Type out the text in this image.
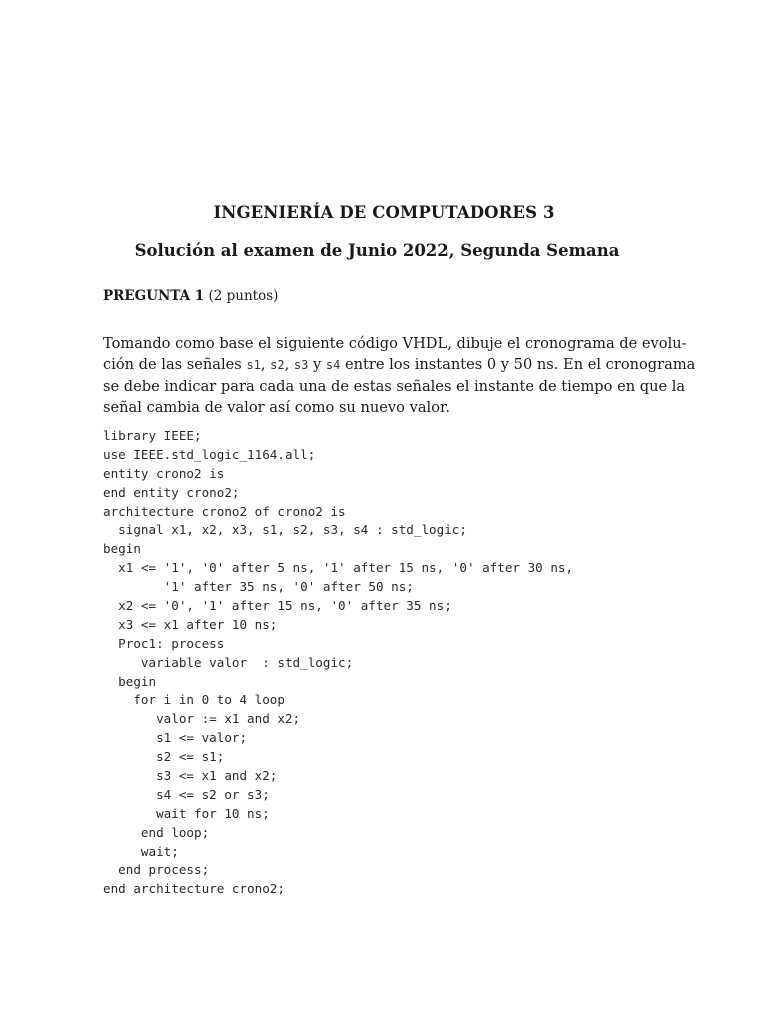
INGENIERÍA DE COMPUTADORES 3
Solución al examen de Junio 2022, Segunda Semana
PREGUNTA 1 (2 puntos)
Tomando como base el siguiente código VHDL, dibuje el cronograma de evolu-
ción de las señales s1, s2, s3 y s4 entre los instantes 0 y 50 ns. En el cronograma
se debe indicar para cada una de estas señales el instante de tiempo en que la
señal cambia de valor así como su nuevo valor.
library IEEE;
use IEEE.std_logic_1164.all;
entity crono2 is
end entity crono2;
architecture crono2 of crono2 is
signal x1, x2, x3, s1, s2, s3, s4 : std_logic;
begin
x1 <= '1', '0' after 5 ns, '1' after 15 ns, '0' after 30 ns,
'1' after 35 ns, '0' after 50 ns;
x2 <= '0', '1' after 15 ns, '0' after 35 ns;
x3 <= x1 after 10 ns;
Proc1: process
variable valor  : std_logic;
begin
for i in 0 to 4 loop
valor := x1 and x2;
s1 <= valor;
s2 <= s1;
s3 <= x1 and x2;
s4 <= s2 or s3;
wait for 10 ns;
end loop;
wait;
end process;
end architecture crono2;
